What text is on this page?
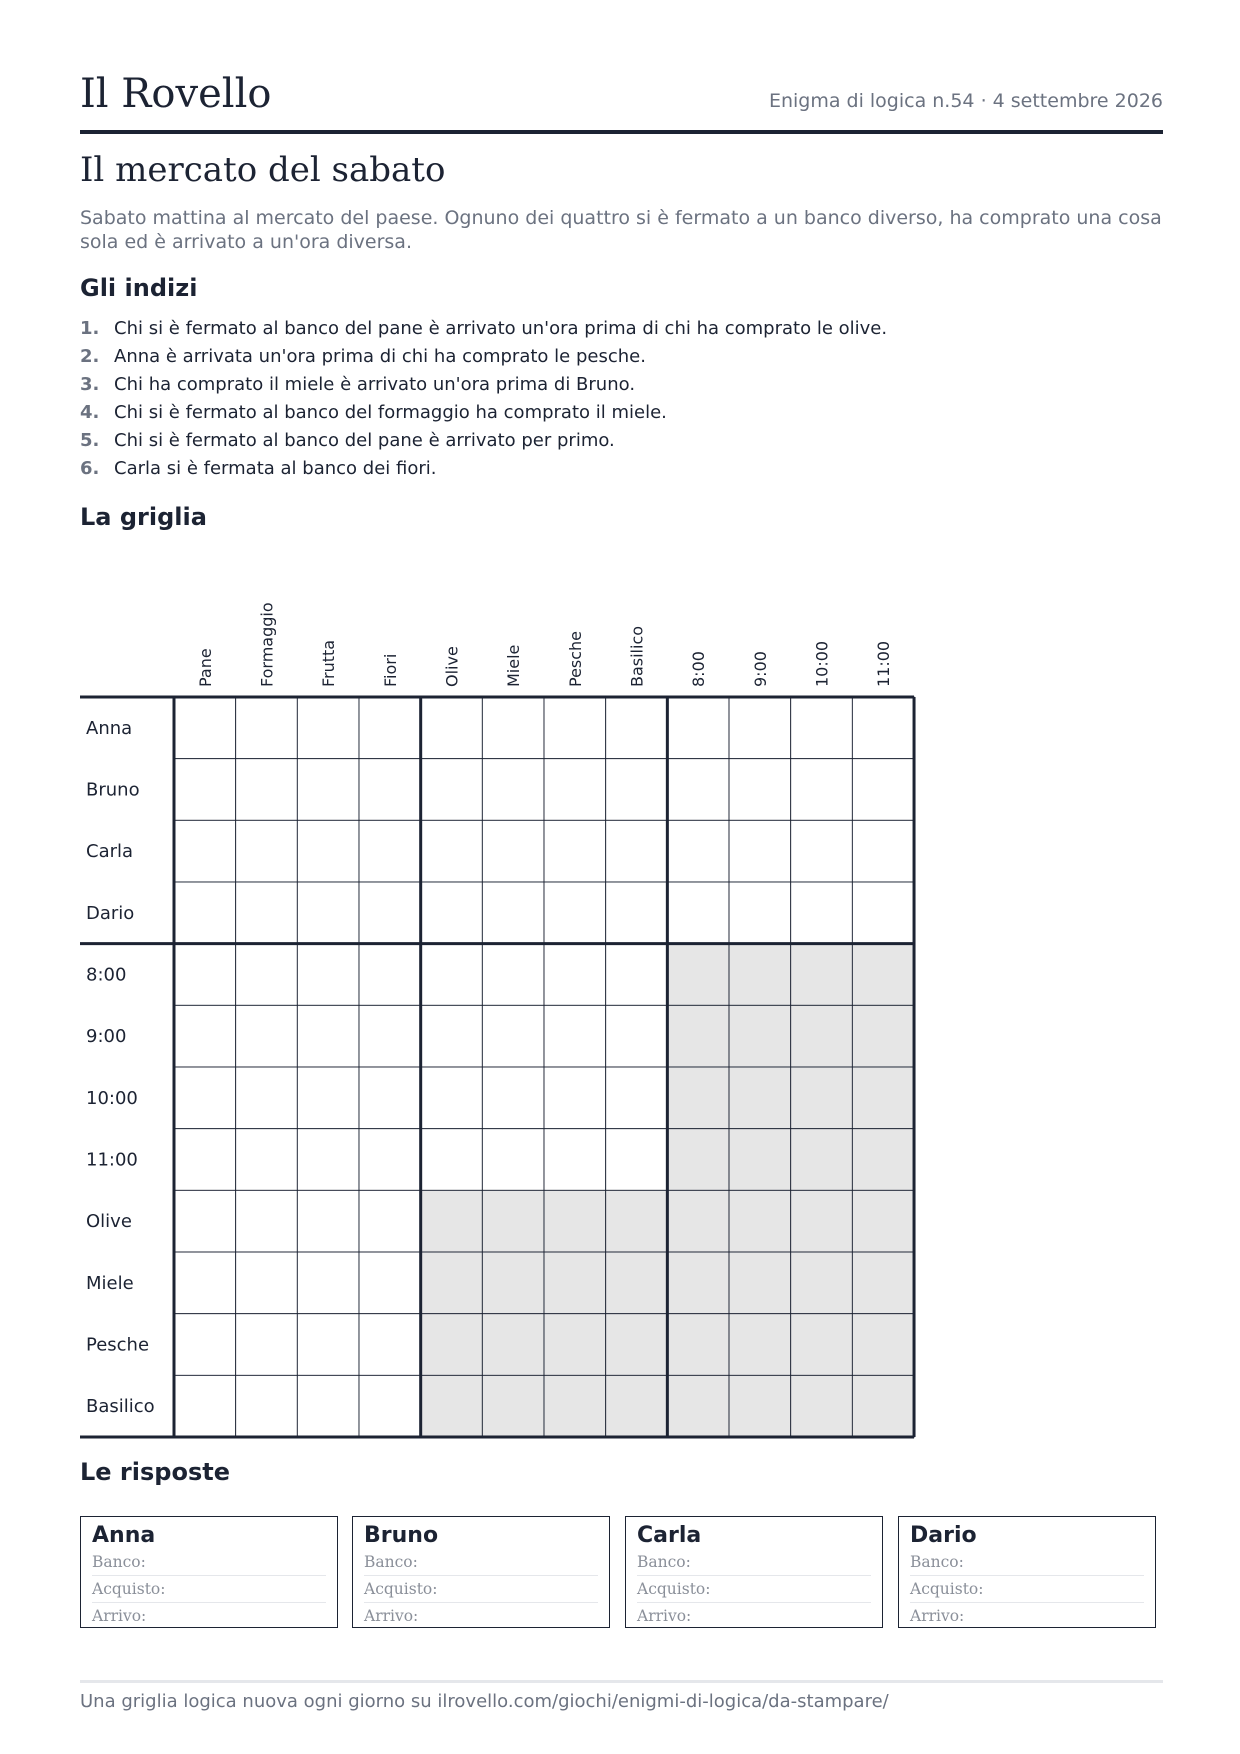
Il Rovello	Enigma di logica n.54 · 4 settembre 2026
Il mercato del sabato
Sabato mattina al mercato del paese. Ognuno dei quattro si è fermato a un banco diverso, ha comprato una cosa sola ed è arrivato a un'ora diversa.
Gli indizi
1. Chi si è fermato al banco del pane è arrivato un'ora prima di chi ha comprato le olive.
2. Anna è arrivata un'ora prima di chi ha comprato le pesche.
3. Chi ha comprato il miele è arrivato un'ora prima di Bruno.
4. Chi si è fermato al banco del formaggio ha comprato il miele.
5. Chi si è fermato al banco del pane è arrivato per primo.
6. Carla si è fermata al banco dei fiori.
La griglia
Pane	Formaggio	Frutta	Fiori	Olive	Miele	Pesche	Basilico	8:00	9:00	10:00	11:00
Anna
Bruno
Carla
Dario
8:00
9:00
10:00
11:00
Olive
Miele
Pesche
Basilico
Le risposte
Anna
Banco:
Acquisto:
Arrivo:
Bruno
Banco:
Acquisto:
Arrivo:
Carla
Banco:
Acquisto:
Arrivo:
Dario
Banco:
Acquisto:
Arrivo:
Una griglia logica nuova ogni giorno su ilrovello.com/giochi/enigmi-di-logica/da-stampare/
